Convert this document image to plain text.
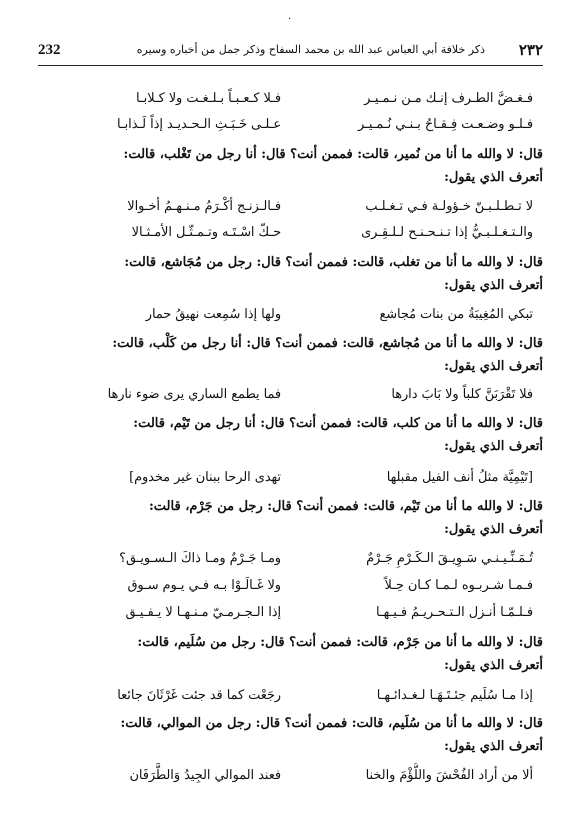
·
232	ذكر خلافة أبي العباس عبد الله بن محمد السفاح وذكر جمل من أخباره وسيره ٢٣٢
فـغـضَّ الطـرف إنـك مـن نـمـيـر
فـلا كـعـبـاً بـلـغـت ولا كـلابـا
فـلـو وضـعـت فِـقـاحُ بـنـي نُـمـيـر
عـلـى خَـبَـثِ الـحـديـد إذاً لَـذابـا
قال: لا والله ما أنا من نُمير، قالت: فممن أنت؟ قال: أنا رجل من تَغْلب، قالت:
أتعرف الذي يقول:
لا تـطـلـبـنّ خـؤولـة فـي تـغـلـب
فـالـزنـج أكْـرَمُ مـنـهـمُ أخـوالا
والـتـغـلـبـيُّ إذا تـنـحـنـح لـلـقِـرى
حـكّ اسْـتَـه وتـمـثّـل الأمـثـالا
قال: لا والله ما أنا من تغلب، قالت: فممن أنت؟ قال: رجل من مُجَاشع، قالت:
أتعرف الذي يقول:
تبكي المُغِيبَةُ من بنات مُجاشع
ولها إذا سُمِعت نهيقُ حمار
قال: لا والله ما أنا من مُجاشع، قالت: فممن أنت؟ قال: أنا رجل من كَلْب، قالت:
أتعرف الذي يقول:
فلا تَقْرَبَنَّ كلباً ولا بَابَ دارها
فما يطمع الساري يرى ضوء نارها
قال: لا والله ما أنا من كلب، قالت: فممن أنت؟ قال: أنا رجل من تَيْم، قالت:
أتعرف الذي يقول:
[تَيْمِيَّة مثلُ أنف الفيل مقبلها
تهدى الرحا ببنان غير مخدوم]
قال: لا والله ما أنا من تَيْم، قالت: فممن أنت؟ قال: رجل من جَرْم، قالت:
أتعرف الذي يقول:
تُـمَـنِّـيـنـي سَـوِيـقَ الـكَـرْمِ جَـرْمٌ
ومـا جَـرْمٌ ومـا ذاكَ الـسـويـق؟
فـمـا شـربـوه لـمـا كـان حِـلاً
ولا غَـالَـوْا بـه فـي يـوم سـوق
فـلـمّـا أنـزل الـتـحـريـمُ فـيـهـا
إذا الـجـرمـيّ مـنـهـا لا يـفـيـق
قال: لا والله ما أنا من جَرْم، قالت: فممن أنت؟ قال: رجل من سُلَيم، قالت:
أتعرف الذي يقول:
إذا مـا سُلَيم جئـتَـهَـا لـغـدائـهـا
رجَعْت كما قد جئت غَرْثَانَ جائعا
قال: لا والله ما أنا من سُلَيم، قالت: فممن أنت؟ قال: رجل من الموالي، قالت:
أتعرف الذي يقول:
ألا من أراد الفُحْشَ واللُّؤْمَ والخنا
فعند الموالي الجِيدُ وَالطَّرَفَان
